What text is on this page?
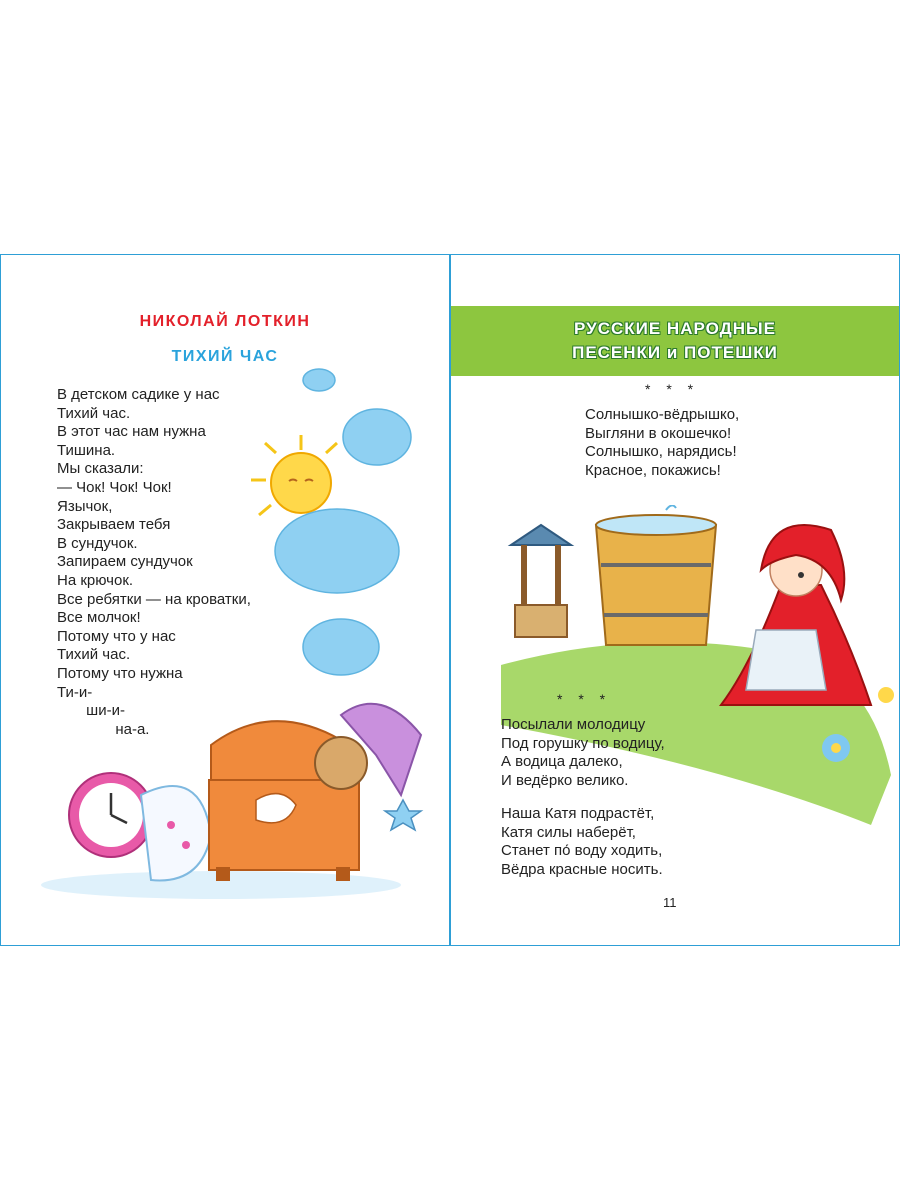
НИКОЛАЙ ЛОТКИН
ТИХИЙ ЧАС
В детском садике у нас
Тихий час.
В этот час нам нужна
Тишина.
Мы сказали:
— Чок! Чок! Чок!
Язычок,
Закрываем тебя
В сундучок.
Запираем сундучок
На крючок.
Все ребятки — на кроватки,
Все молчок!
Потому что у нас
Тихий час.
Потому что нужна
Ти-и-
ши-и-
на-а.
РУССКИЕ НАРОДНЫЕ
ПЕСЕНКИ и ПОТЕШКИ
* * *
Солнышко-вёдрышко,
Выгляни в окошечко!
Солнышко, нарядись!
Красное, покажись!
* * *
Посылали молодицу
Под горушку по водицу,
А водица далеко,
И ведёрко велико.
Наша Катя подрастёт,
Катя силы наберёт,
Станет по́ воду ходить,
Вёдра красные носить.
11
